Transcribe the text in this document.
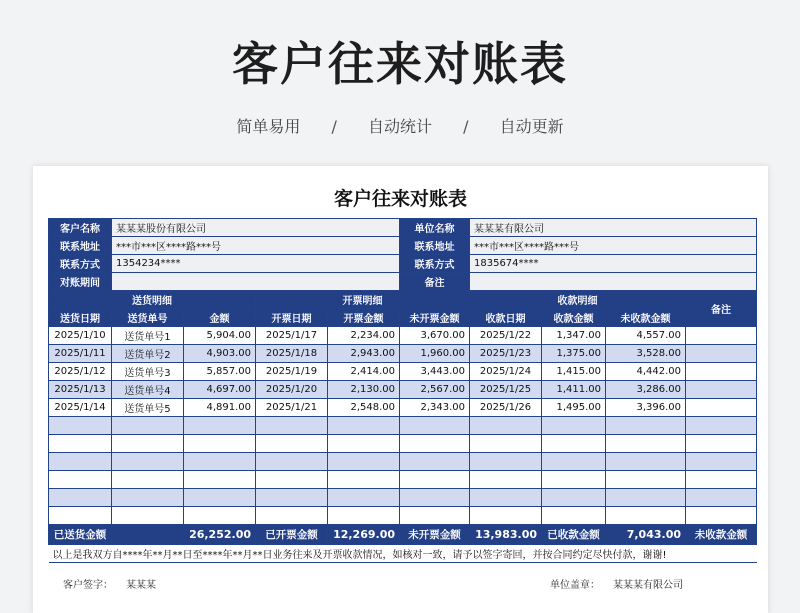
客户往来对账表
简单易用 / 自动统计 / 自动更新
客户往来对账表
客户名称	某某某股份有限公司				单位名称	某某某有限公司				
联系地址	***市***区****路***号				联系地址	***市***区****路***号				
联系方式	1354234****				联系方式	1835674****				
对账期间					备注					
送货明细			开票明细			收款明细			备注	
送货日期	送货单号	金额	开票日期	开票金额	未开票金额	收款日期	收款金额	未收款金额		
2025/1/10	送货单号1	5,904.00	2025/1/17	2,234.00	3,670.00	2025/1/22	1,347.00	4,557.00		
2025/1/11	送货单号2	4,903.00	2025/1/18	2,943.00	1,960.00	2025/1/23	1,375.00	3,528.00		
2025/1/12	送货单号3	5,857.00	2025/1/19	2,414.00	3,443.00	2025/1/24	1,415.00	4,442.00		
2025/1/13	送货单号4	4,697.00	2025/1/20	2,130.00	2,567.00	2025/1/25	1,411.00	3,286.00		
2025/1/14	送货单号5	4,891.00	2025/1/21	2,548.00	2,343.00	2025/1/26	1,495.00	3,396.00		

已送货金额	26,252.00		已开票金额	12,269.00	未开票金额	13,983.00	已收款金额	7,043.00	未收款金额	
以上是我双方自****年**月**日至****年**月**日业务往来及开票收款情况，如核对一致，请予以签字寄回，并按合同约定尽快付款，谢谢!										
客户签字： 某某某	单位盖章： 某某某有限公司
